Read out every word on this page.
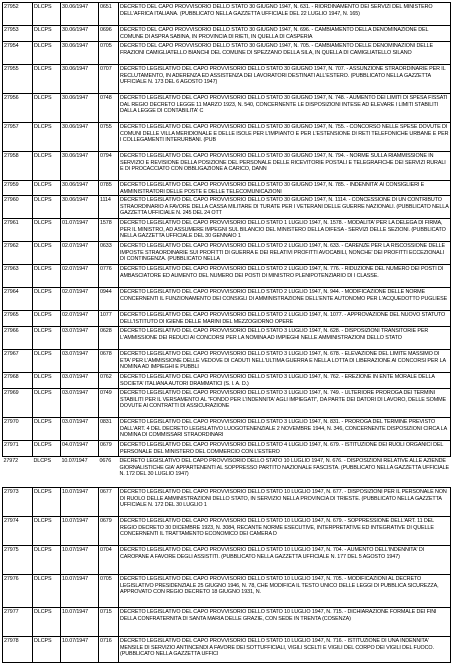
27952	DLCPS	30.06/1947	0651	DECRETO DEL CAPO PROVVISORIO DELLO STATO 30 GIUGNO 1947, N. 631. - RIORDINAMENTO DEI SERVIZI DEL MINISTERO DELL'AFRICA ITALIANA. (PUBBLICATO NELLA GAZZETTA UFFICIALE DEL 22 LUGLIO 1947, N. 165)
27953	DLCPS	30.06/1947	0696	DECRETO DEL CAPO PROVVISORIO DELLO STATO 30 GIUGNO 1947, N. 696. - CAMBIAMENTO DELLA DENOMINAZIONE DEL COMUNE DI ASPRA SABINA, IN PROVINCIA DI RIETI, IN QUELLA DI CASPERIA
27954	DLCPS	30.06/1947	0705	DECRETO DEL CAPO PROVVISORIO DELLO STATO 30 GIUGNO 1947, N. 705. - CAMBIAMENTO DELLE DENOMINAZIONI DELLE FRAZIONI CAMIGLIATELLO BIANCHI DEL COMUNE DI SPEZZANO DELLA SILA, IN QUELLA DI CAMIGLIATELLO SILANO
27955	DLCPS	30.06/1947	0707	DECRETO LEGISLATIVO DEL CAPO PROVVISORIO DELLO STATO 30 GIUGNO 1947, N. 707. - ASSUNZIONE STRAORDINARIE PER IL RECLUTAMENTO, IN ADERENZA ED ASSISTENZA DEI LAVORATORI DESTINATI ALL'ESTERO. (PUBBLICATO NELLA GAZZETTA UFFICIALE N. 173 DEL 6 AGOSTO 1947)
27956	DLCPS	30.06/1947	0748	DECRETO LEGISLATIVO DEL CAPO PROVVISORIO DELLO STATO 30 GIUGNO 1947, N. 748. - AUMENTO DEI LIMITI DI SPESA FISSATI DAL REGIO DECRETO LEGGE 11 MARZO 1923, N. 540, CONCERNENTE LE DISPOSIZIONI INTESE AD ELEVARE I LIMITI STABILITI DALLA LEGGE DI CONTABILITA' C
27957	DLCPS	30.06/1947	0755	DECRETO LEGISLATIVO DEL CAPO PROVVISORIO DELLO STATO 30 GIUGNO 1947, N. 755. - CONCORSO NELLE SPESE DOVUTE DI COMUNI DELLE VILLA MERIDIONALE E DELLE ISOLE PER L'IMPIANTO E PER L'ESTENSIONE DI RETI TELEFONICHE URBANE E PER I COLLEGAMENTI INTERURBANI. (PUB
27958	DLCPS	30.06/1947	0794	DECRETO LEGISLATIVO DEL CAPO PROVVISORIO DELLO STATO 30 GIUGNO 1947, N. 794. - NORME SULLA RIAMMISSIONE IN SERVIZIO E REVISIONE DELLA POSIZIONE DEL PERSONALE DELLE RICEVITORIE POSTALI E TELEGRAFICHE DEI SERVIZI RURALI E DI PROCACCIATO CON OBBLIGAZIONE A CARICO, DANN
27959	DLCPS	30.06/1947	0785	DECRETO LEGISLATIVO DEL CAPO PROVVISORIO DELLO STATO 30 GIUGNO 1947, N. 785. - INDENNITA' AI CONSIGLIERI E AMMINISTRATORI DELLE POSTE E DELLE TELECOMUNICAZIONI
27960	DLCPS	30.06/1947	1114	DECRETO LEGISLATIVO DEL CAPO PROVVISORIO DELLO STATO 30 GIUGNO 1947, N. 1114. - CONCESSIONE DI UN CONTRIBUTO STRAORDINARIO A FAVORE DELLA CASSA MILITARE DI TURATE PER I VETERANI DELLE GUERRE NAZIONALI. (PUBBLICATO NELLA GAZZETTA UFFICIALE N. 245 DEL 24 OTT
27961	DLCPS	01.07/1947	1578	DECRETO LEGISLATIVO DEL CAPO PROVVISORIO DELLO STATO 1 LUGLIO 1947, N. 1578. - MODALITA' PER LA DELEGA DI FIRMA, PER IL MINISTRO, AD ASSUMERE IMPEGNI SUL BILANCIO DEL MINISTERO DELLA DIFESA - SERVIZI DELLE SEZIONI. (PUBBLICATO NELLA GAZZETTA UFFICIALE DEL 30 GENNAIO 1
27962	DLCPS	02.07/1947	0633	DECRETO LEGISLATIVO DEL CAPO PROVVISORIO DELLO STATO 2 LUGLIO 1947, N. 633. - CARENZE PER LA RISCOSSIONE DELLE IMPOSTE STRAORDINARIE SUI PROFITTI DI GUERRA E DEI RELATIVI PROFITTI AVOCABILI, NONCHE' DEI PROFITTI ECCEZIONALI DI CONTINGENZA. (PUBBLICATO NELLA
27963	DLCPS	02.07/1947	0776	DECRETO LEGISLATIVO DEL CAPO PROVVISORIO DELLO STATO 2 LUGLIO 1947, N. 776. - RIDUZIONE DEL NUMERO DEI POSTI DI AMBASCIATORE ED AUMENTO DEL NUMERO DEI POSTI DI MINISTRO PLENIPOTENZIARIO DI I CLASSE.
27964	DLCPS	02.07/1947	0944	DECRETO LEGISLATIVO DEL CAPO PROVVISORIO DELLO STATO 2 LUGLIO 1947, N. 944. - MODIFICAZIONE DELLE NORME CONCERNENTI IL FUNZIONAMENTO DEI CONSIGLI DI AMMINISTRAZIONE DELL'ENTE AUTONOMO PER L'ACQUEDOTTO PUGLIESE
27965	DLCPS	02.07/1947	1077	DECRETO LEGISLATIVO DEL CAPO PROVVISORIO DELLO STATO 2 LUGLIO 1947, N. 1077. - APPROVAZIONE DEL NUOVO STATUTO DELL'ISTITUTO DI IGIENE DELLE MARINI DEL MEZZOGIORNO OPERE
27966	DLCPS	03.07/1947	0628	DECRETO LEGISLATIVO DEL CAPO PROVVISORIO DELLO STATO 3 LUGLIO 1947, N. 628. - DISPOSIZIONI TRANSITORIE PER L'AMMISSIONE DEI REDUCI AI CONCORSI PER LA NOMINA AD IMPIEGHI NELLE AMMINISTRAZIONI DELLO STATO
27967	DLCPS	03.07/1947	0678	DECRETO LEGISLATIVO DEL CAPO PROVVISORIO DELLO STATO 3 LUGLIO 1947, N. 678. - ELEVAZIONE DEL LIMITE MASSIMO DI ETA' PER L'AMMISSIONE DELLE VEDOVE DI CADUTI NELL'ULTIMA GUERRA E NELLA LOTTA DI LIBERAZIONE AI CONCORSI PER LA NOMINA AD IMPIEGHI E PUBBLI
27968	DLCPS	03.07/1947	0762	DECRETO LEGISLATIVO DEL CAPO PROVVISORIO DELLO STATO 3 LUGLIO 1947, N. 762. - EREZIONE IN ENTE MORALE DELLA SOCIETA' ITALIANA AUTORI DRAMMATICI (S. I. A. D.)
27969	DLCPS	03.07/1947	0749	DECRETO LEGISLATIVO DEL CAPO PROVVISORIO DELLO STATO 3 LUGLIO 1947, N. 749. - ULTERIORE PROROGA DEI TERMINI STABILITI PER IL VERSAMENTO AL "FONDO PER L'INDENNITA' AGLI IMPIEGATI", DA PARTE DEI DATORI DI LAVORO, DELLE SOMME DOVUTE AI CONTRATTI DI ASSICURAZIONE
27970	DLCPS	03.07/1947	0831	DECRETO LEGISLATIVO DEL CAPO PROVVISORIO DELLO STATO 3 LUGLIO 1947, N. 831. - PROROGA DEL TERMINE PREVISTO DALL'ART. 4 DEL DECRETO LEGISLATIVO LUOGOTENENZIALE 2 NOVEMBRE 1944, N. 346, CONCERNENTE DISPOSIZIONI CIRCA LA NOMINA DI COMMISSARI STRAORDINARI
27971	DLCPS	04.07/1947	0679	DECRETO LEGISLATIVO DEL CAPO PROVVISORIO DELLO STATO 4 LUGLIO 1947, N. 679. - ISTITUZIONE DEI RUOLI ORGANICI DEL PERSONALE DEL MINISTERO DEL COMMERCIO CON L'ESTERO
27972	DLCPS	10.07/1947	0676	DECRETO LEGISLATIVO DEL CAPO PROVVISORIO DELLO STATO 10 LUGLIO 1947, N. 676. - DISPOSIZIONI RELATIVE ALLE AZIENDE GIORNALISTICHE GIA' APPARTENENTI AL SOPPRESSO PARTITO NAZIONALE FASCISTA. (PUBBLICATO NELLA GAZZETTA UFFICIALE N. 172 DEL 30 LUGLIO 1947)
27973	DLCPS	10.07/1947	0677	DECRETO LEGISLATIVO DEL CAPO PROVVISORIO DELLO STATO 10 LUGLIO 1947, N. 677. - DISPOSIZIONI PER IL PERSONALE NON DI RUOLO DELLE AMMINISTRAZIONI DELLO STATO, IN SERVIZIO NELLA PROVINCIA DI TRIESTE. (PUBBLICATO NELLA GAZZETTA UFFICIALE N. 172 DEL 30 LUGLIO 1
27974	DLCPS	10.07/1947	0679	DECRETO LEGISLATIVO DEL CAPO PROVVISORIO DELLO STATO 10 LUGLIO 1947, N. 679. - SOPPRESSIONE DELL'ART. 11 DEL REGIO DECRETO 30 DICEMBRE 1923, N. 3084, RECANTE NORME ESECUTIVE, INTERPRETATIVE ED INTEGRATIVE DI QUELLE CONCERNENTI IL TRATTAMENTO ECONOMICO DEI CAMERA D
27975	DLCPS	10.07/1947	0704	DECRETO LEGISLATIVO DEL CAPO PROVVISORIO DELLO STATO 10 LUGLIO 1947, N. 704. - AUMENTO DELL'INDENNITA' DI CAROPANE A FAVORE DEGLI ASSISTITI. (PUBBLICATO NELLA GAZZETTA UFFICIALE N. 177 DEL 5 AGOSTO 1947)
27976	DLCPS	10.07/1947	0705	DECRETO LEGISLATIVO DEL CAPO PROVVISORIO DELLO STATO 10 LUGLIO 1947, N. 705. - MODIFICAZIONI AL DECRETO LEGISLATIVO PRESIDENZIALE 25 GIUGNO 1946, N. 78, CHE MODIFICA IL TESTO UNICO DELLE LEGGI DI PUBBLICA SICUREZZA, APPROVATO CON REGIO DECRETO 18 GIUGNO 1931, N.
27977	DLCPS	10.07/1947	0715	DECRETO LEGISLATIVO DEL CAPO PROVVISORIO DELLO STATO 10 LUGLIO 1947, N. 715. - DICHIARAZIONE FORMALE DEI FINI DELLA CONFRATERNITA DI SANTA MARIA DELLE GRAZIE, CON SEDE IN TRENTA (COSENZA)
27978	DLCPS	10.07/1947	0716	DECRETO LEGISLATIVO DEL CAPO PROVVISORIO DELLO STATO 10 LUGLIO 1947, N. 716. - ISTITUZIONE DI UNA INDENNITA' MENSILE DI SERVIZIO ANTINCENDI A FAVORE DEI SOTTUFFICIALI, VIGILI SCELTI E VIGILI DEL CORPO DEI VIGILI DEL FUOCO. (PUBBLICATO NELLA GAZZETTA UFFICI
